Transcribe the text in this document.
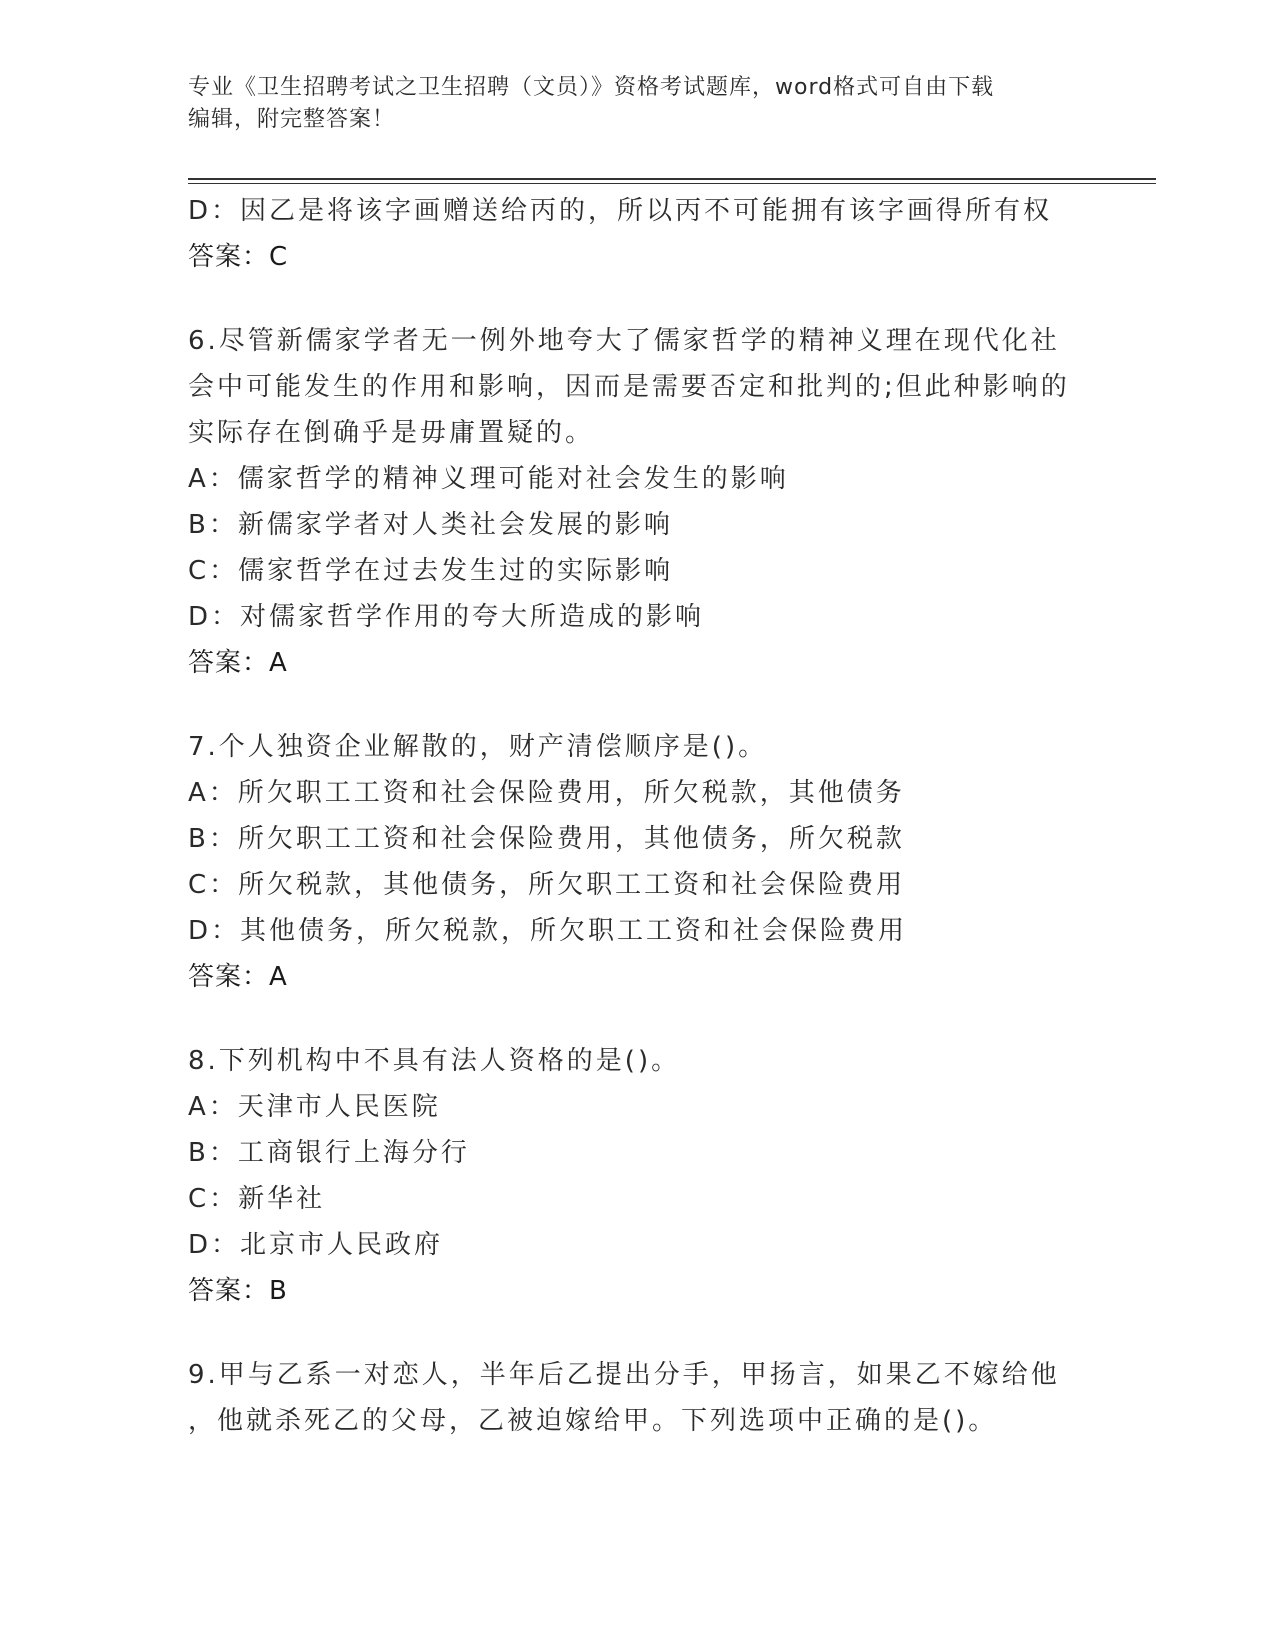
专业《卫生招聘考试之卫生招聘（文员）》资格考试题库，word格式可自由下载
编辑，附完整答案！
D：因乙是将该字画赠送给丙的，所以丙不可能拥有该字画得所有权
答案：C
6.尽管新儒家学者无一例外地夸大了儒家哲学的精神义理在现代化社
会中可能发生的作用和影响，因而是需要否定和批判的;但此种影响的
实际存在倒确乎是毋庸置疑的。
A：儒家哲学的精神义理可能对社会发生的影响
B：新儒家学者对人类社会发展的影响
C：儒家哲学在过去发生过的实际影响
D：对儒家哲学作用的夸大所造成的影响
答案：A
7.个人独资企业解散的，财产清偿顺序是()。
A：所欠职工工资和社会保险费用，所欠税款，其他债务
B：所欠职工工资和社会保险费用，其他债务，所欠税款
C：所欠税款，其他债务，所欠职工工资和社会保险费用
D：其他债务，所欠税款，所欠职工工资和社会保险费用
答案：A
8.下列机构中不具有法人资格的是()。
A：天津市人民医院
B：工商银行上海分行
C：新华社
D：北京市人民政府
答案：B
9.甲与乙系一对恋人，半年后乙提出分手，甲扬言，如果乙不嫁给他
，他就杀死乙的父母，乙被迫嫁给甲。下列选项中正确的是()。
